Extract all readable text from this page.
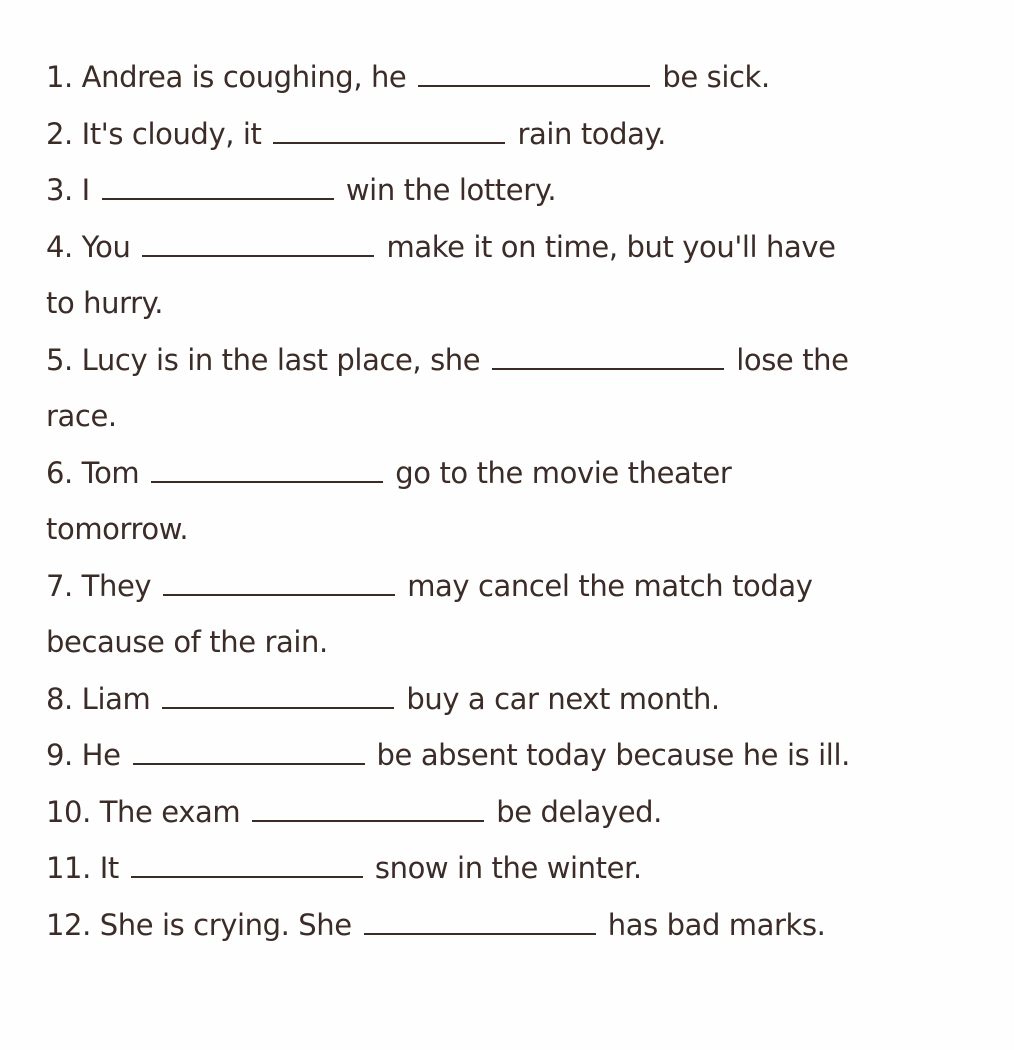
1. Andrea is coughing, he	be sick.
2. It's cloudy, it	rain today.
3. I	win the lottery.
4. You	make it on time, but you'll have
to hurry.
5. Lucy is in the last place, she	lose the
race.
6. Tom	go to the movie theater
tomorrow.
7. They	may cancel the match today
because of the rain.
8. Liam	buy a car next month.
9. He	be absent today because he is ill.
10. The exam	be delayed.
11. It	snow in the winter.
12. She is crying. She	has bad marks.
